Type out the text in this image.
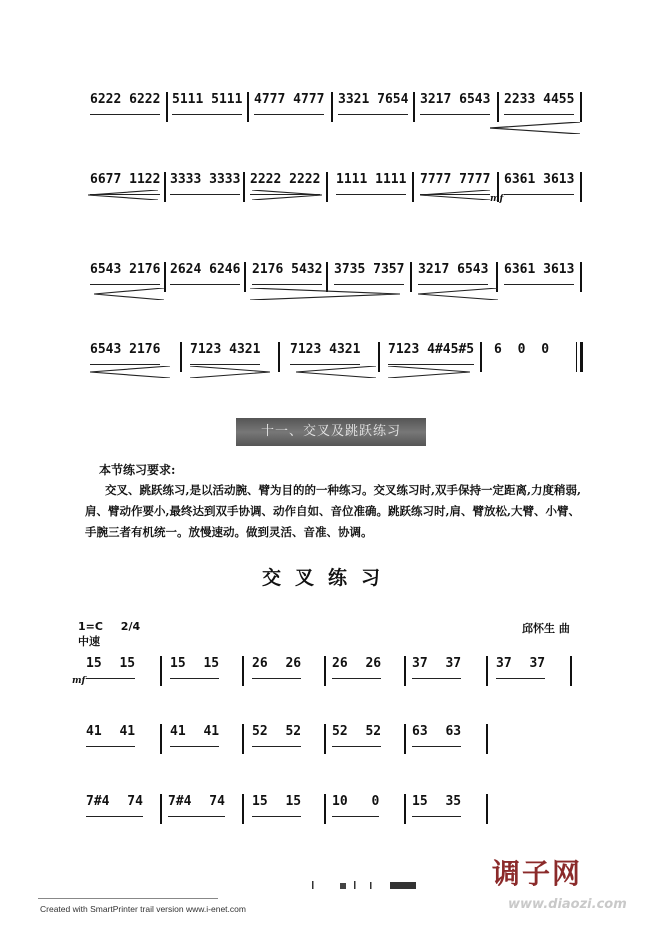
6222 6222 5111 5111 4777 4777 3321 7654 3217 6543 2233 4455
6677 1122 3333 3333 2222 2222 1111 1111 7777 7777 6361 3613
mf
6543 2176 2624 6246 2176 5432 3735 7357 3217 6543 6361 3613
6543 2176 7123 4321 7123 4321 7123 4#45#5 6 0 0
十一、交叉及跳跃练习
本节练习要求:
交叉、跳跃练习,是以活动腕、臂为目的的一种练习。交叉练习时,双手保持一定距离,力度稍弱,肩、臂动作要小,最终达到双手协调、动作自如、音位准确。跳跃练习时,肩、臂放松,大臂、小臂、手腕三者有机统一。放慢速动。做到灵活、音准、协调。
交叉练习
1=C 2/4
中速
邱怀生 曲
15 15	15 15	26 26 26 26 37 37	37 37
mf
41 41	41 41	52 52 52 52 63 63
7#4 74 7#4 74 15 15 10 0	15 35
调子网
www.diaozi.com
Created with SmartPrinter trail version www.i-enet.com
